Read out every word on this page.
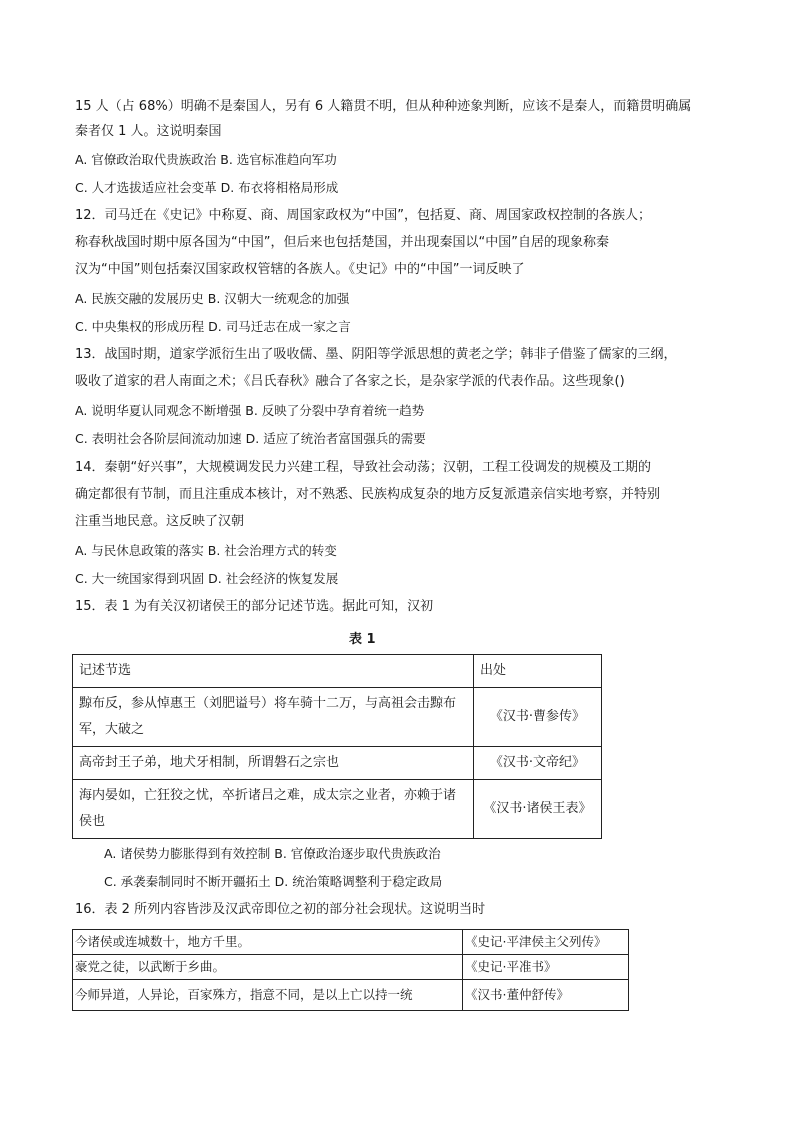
15 人（占 68%）明确不是秦国人，另有 6 人籍贯不明，但从种种迹象判断，应该不是秦人，而籍贯明确属
秦者仅 1 人。这说明秦国
A. 官僚政治取代贵族政治 B. 选官标准趋向军功
C. 人才选拔适应社会变革 D. 布衣将相格局形成
12．司马迁在《史记》中称夏、商、周国家政权为“中国”，包括夏、商、周国家政权控制的各族人；
称春秋战国时期中原各国为“中国”，但后来也包括楚国，并出现秦国以“中国”自居的现象称秦
汉为“中国”则包括秦汉国家政权管辖的各族人。《史记》中的“中国”一词反映了
A. 民族交融的发展历史 B. 汉朝大一统观念的加强
C. 中央集权的形成历程 D. 司马迁志在成一家之言
13．战国时期，道家学派衍生出了吸收儒、墨、阴阳等学派思想的黄老之学；韩非子借鉴了儒家的三纲，
吸收了道家的君人南面之术；《吕氏春秋》融合了各家之长，是杂家学派的代表作品。这些现象()
A. 说明华夏认同观念不断增强 B. 反映了分裂中孕育着统一趋势
C. 表明社会各阶层间流动加速 D. 适应了统治者富国强兵的需要
14．秦朝“好兴事”，大规模调发民力兴建工程，导致社会动荡；汉朝，工程工役调发的规模及工期的
确定都很有节制，而且注重成本核计，对不熟悉、民族构成复杂的地方反复派遣亲信实地考察，并特别
注重当地民意。这反映了汉朝
A. 与民休息政策的落实 B. 社会治理方式的转变
C. 大一统国家得到巩固 D. 社会经济的恢复发展
15．表 1 为有关汉初诸侯王的部分记述节选。据此可知，汉初
表 1
记述节选	出处
黥布反，参从悼惠王（刘肥谥号）将车骑十二万，与高祖会击黥布军，大破之	《汉书·曹参传》
高帝封王子弟，地犬牙相制，所谓磐石之宗也	《汉书·文帝纪》
海内晏如，亡狂狡之忧，卒折诸吕之难，成太宗之业者，亦赖于诸侯也	《汉书·诸侯王表》
A. 诸侯势力膨胀得到有效控制 B. 官僚政治逐步取代贵族政治
C. 承袭秦制同时不断开疆拓土 D. 统治策略调整利于稳定政局
16．表 2 所列内容皆涉及汉武帝即位之初的部分社会现状。这说明当时
今诸侯或连城数十，地方千里。	《史记·平津侯主父列传》
豪党之徒，以武断于乡曲。	《史记·平准书》
今师异道，人异论，百家殊方，指意不同，是以上亡以持一统	《汉书·董仲舒传》
